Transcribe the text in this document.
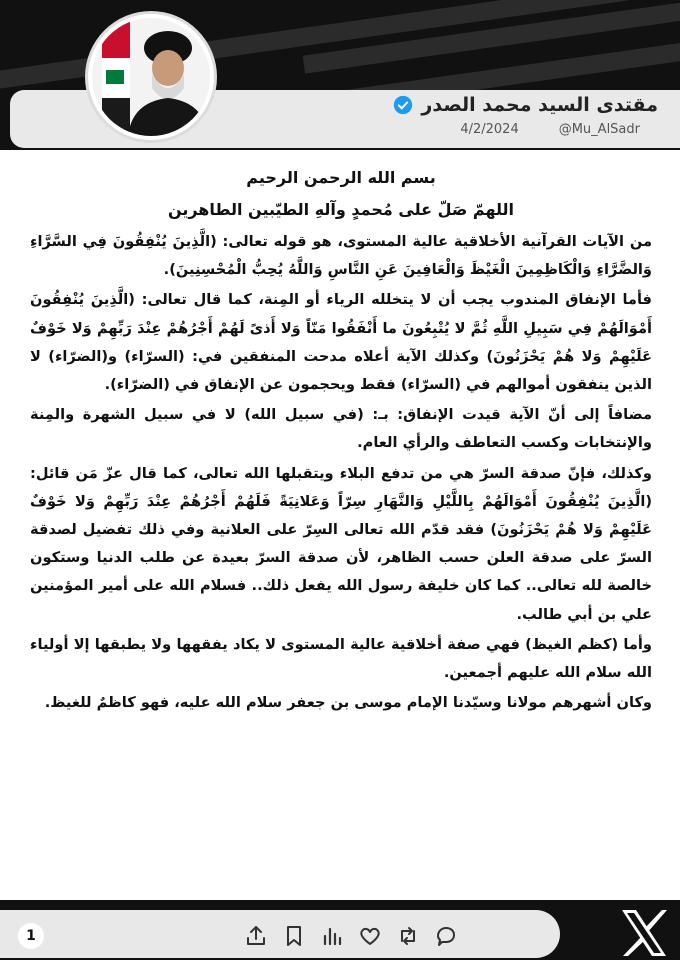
مقتدى السيد محمد الصدر
4/2/2024	@Mu_AlSadr
بسم الله الرحمن الرحيم
اللهمّ صَلّ على مُحمدٍ وآلهِ الطيّبين الطاهرين

من الآيات القرآنية الأخلاقية عالية المستوى، هو قوله تعالى: (الَّذِينَ يُنْفِقُونَ فِي السَّرَّاءِ وَالضَّرَّاءِ وَالْكَاظِمِينَ الْغَيْظَ وَالْعَافِينَ عَنِ النَّاسِ وَاللَّهُ يُحِبُّ الْمُحْسِنِينَ).

فأما الإنفاق المندوب يجب أن لا يتخلله الرياء أو المِنة، كما قال تعالى: (الَّذِينَ يُنْفِقُونَ أَمْوَالَهُمْ فِي سَبِيلِ اللَّهِ ثُمَّ لا يُتْبِعُونَ ما أَنْفَقُوا مَنّاً وَلا أَذىً لَهُمْ أَجْرُهُمْ عِنْدَ رَبِّهِمْ وَلا خَوْفٌ عَلَيْهِمْ وَلا هُمْ يَحْزَنُونَ) وكذلك الآية أعلاه مدحت المنفقين في: (السرّاء) و(الضرّاء) لا الذين ينفقون أموالهم في (السرّاء) فقط ويحجمون عن الإنفاق في (الضرّاء).

مضافاً إلى أنّ الآية قيدت الإنفاق: بـ: (في سبيل الله) لا في سبيل الشهرة والمِنة والإنتخابات وكسب التعاطف والرأي العام.

وكذلك، فإنّ صدقة السرّ هي من تدفع البلاء ويتقبلها الله تعالى، كما قال عزّ مَن قائل: (الَّذِينَ يُنْفِقُونَ أَمْوَالَهُمْ بِاللَّيْلِ وَالنَّهَارِ سِرّاً وَعَلانِيَةً فَلَهُمْ أَجْرُهُمْ عِنْدَ رَبِّهِمْ وَلا خَوْفٌ عَلَيْهِمْ وَلا هُمْ يَحْزَنُونَ) فقد قدّم الله تعالى السِرّ على العلانية وفي ذلك تفضيل لصدقة السرّ على صدقة العلن حسب الظاهر، لأن صدقة السرّ بعيدة عن طلب الدنيا وستكون خالصة لله تعالى.. كما كان خليفة رسول الله يفعل ذلك.. فسلام الله على أمير المؤمنين علي بن أبي طالب.

وأما (كظم الغيظ) فهي صفة أخلاقية عالية المستوى لا يكاد يفقهها ولا يطبقها إلا أولياء الله سلام الله عليهم أجمعين.

وكان أشهرهم مولانا وسيّدنا الإمام موسى بن جعفر سلام الله عليه، فهو كاظمٌ للغيظ.

1
